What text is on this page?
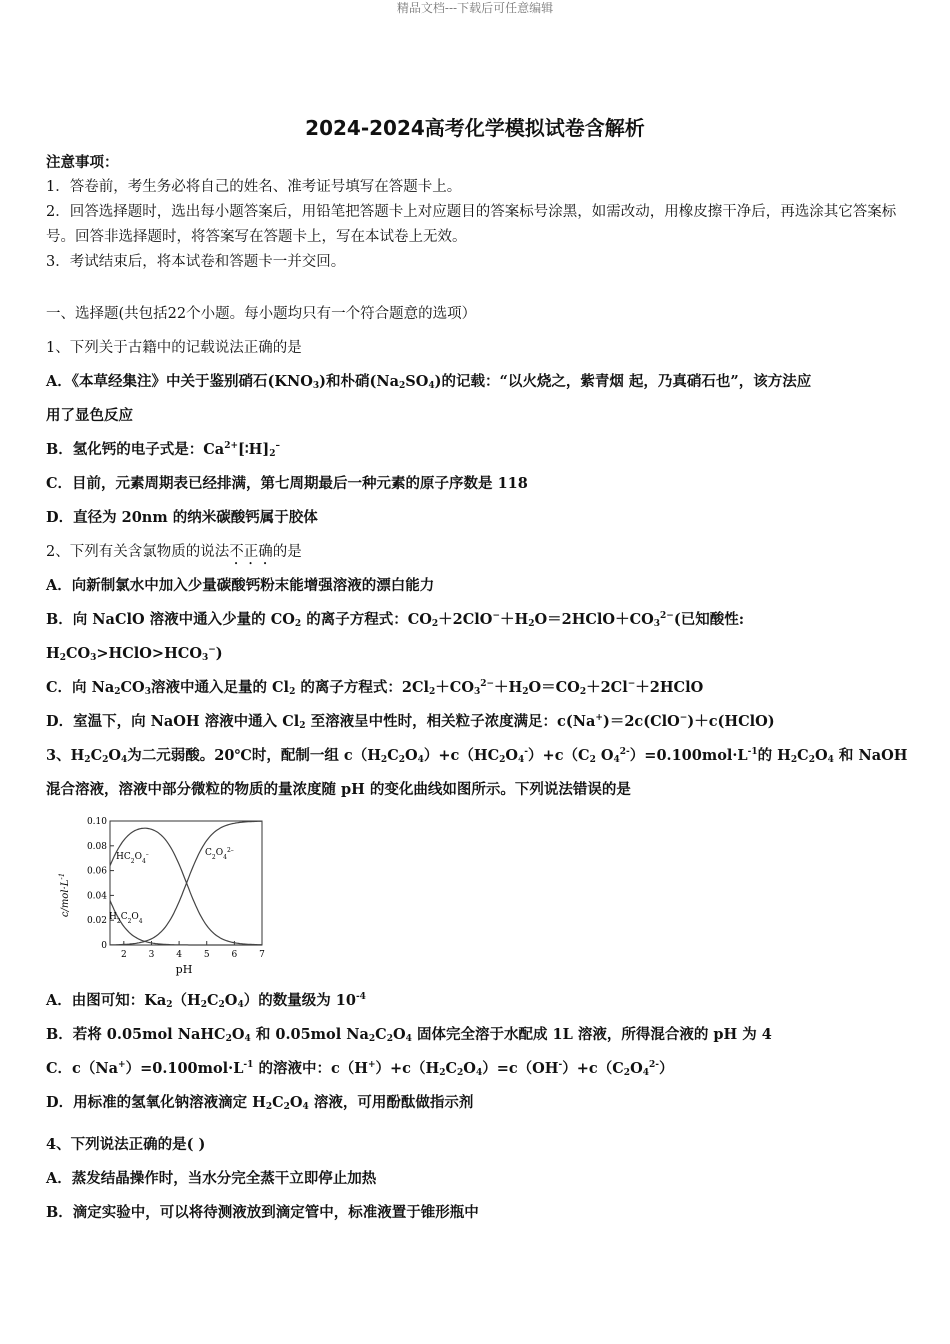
精品文档---下载后可任意编辑
2024-2024高考化学模拟试卷含解析
注意事项：
1．答卷前，考生务必将自己的姓名、准考证号填写在答题卡上。
2．回答选择题时，选出每小题答案后，用铅笔把答题卡上对应题目的答案标号涂黑，如需改动，用橡皮擦干净后，再选涂其它答案标号。回答非选择题时，将答案写在答题卡上，写在本试卷上无效。
3．考试结束后，将本试卷和答题卡一并交回。
一、选择题(共包括22个小题。每小题均只有一个符合题意的选项）
1、下列关于古籍中的记载说法正确的是
A．《本草经集注》中关于鉴别硝石$(KNO_3)$和朴硝$(Na_2SO_4)$的记载：“以火烧之，紫青烟 起，乃真硝石也”，该方法应
用了显色反应
B．氢化钙的电子式是：$Ca^{2+}[∶H]_2^-$
C．目前，元素周期表已经排满，第七周期最后一种元素的原子序数是 118
D．直径为 20nm 的纳米碳酸钙属于胶体
2、下列有关含氯物质的说法不正确的是
A．向新制氯水中加入少量碳酸钙粉末能增强溶液的漂白能力
B．向 NaClO 溶液中通入少量的 $CO_2$ 的离子方程式：$CO_2+2ClO^-+H_2O=2HClO+CO_3^{2-}$(已知酸性:
$H_2CO_3>HClO>HCO_3^-$)
C．向 $Na_2CO_3$溶液中通入足量的 $Cl_2$ 的离子方程式：$2Cl_2+CO_3^{2-}+H_2O=CO_2+2Cl^-+2HClO$
D．室温下，向 NaOH 溶液中通入 $Cl_2$ 至溶液呈中性时，相关粒子浓度满足：c(Na+)＝2c(ClO−)＋c(HClO)
3、$H_2C_2O_4$为二元弱酸。20℃时，配制一组 $c(H_2C_2O_4)+c(HC_2O_4^-)+c(C_2$ $O_4^{2-})=0.100mol\cdot L^{-1}$的 $H_2C_2O_4$ 和 NaOH
混合溶液，溶液中部分微粒的物质的量浓度随 pH 的变化曲线如图所示。下列说法错误的是
2 3 4 5 6 7
0
0.02
0.04
0.06
0.08
0.10
$c/mol\cdot L^{-1}$
pH
$HC_2O_4^-$	$C_2O_4^{2-}$
$H_2C_2O_4$
A．由图可知：$Ka_2(H_2C_2O_4)$的数量级为 $10^{-4}$
B．若将 0.05mol $NaHC_2O_4$ 和 0.05mol $Na_2C_2O_4$ 固体完全溶于水配成 1L 溶液，所得混合液的 pH 为 4
C．$c(Na^+)=0.100mol\cdot L^{-1}$ 的溶液中：$c(H^+)+c(H_2C_2O_4)=c(OH^-)+c(C_2O_4^{2-})$
D．用标准的氢氧化钠溶液滴定 $H_2C_2O_4$ 溶液，可用酚酞做指示剂
4、下列说法正确的是( )
A．蒸发结晶操作时，当水分完全蒸干立即停止加热
B．滴定实验中，可以将待测液放到滴定管中，标准液置于锥形瓶中
